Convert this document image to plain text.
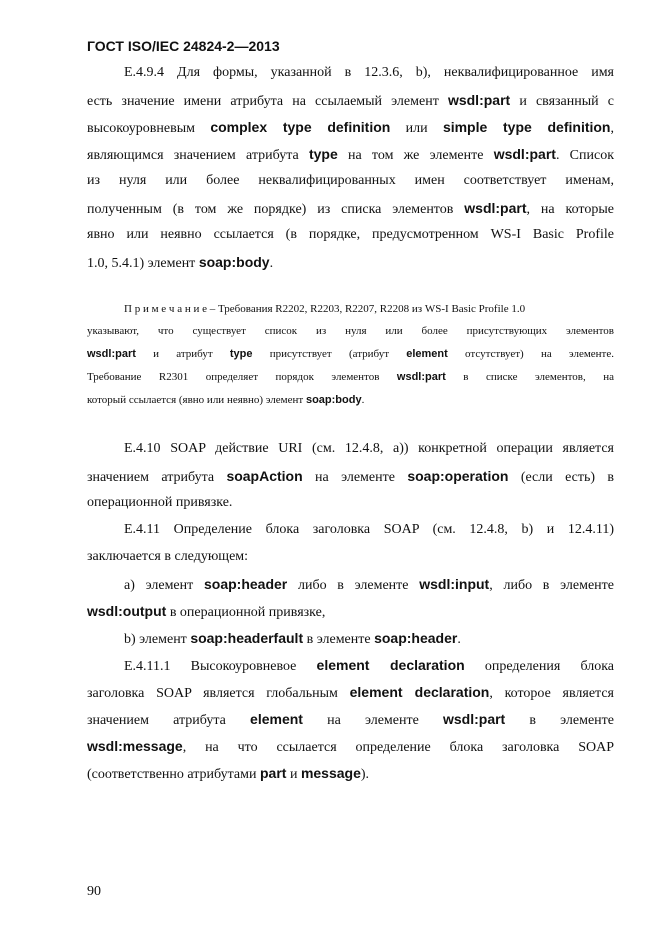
ГОСТ ISO/IEC 24824-2—2013
Е.4.9.4 Для формы, указанной в 12.3.6, b), неквалифицированное имя
есть значение имени атрибута на ссылаемый элемент wsdl:part и связанный с
высокоуровневым complex type definition или simple type definition,
являющимся значением атрибута type на том же элементе wsdl:part. Список
из нуля или более неквалифицированных имен соответствует именам,
полученным (в том же порядке) из списка элементов wsdl:part, на которые
явно или неявно ссылается (в порядке, предусмотренном WS-I Basic Profile
1.0, 5.4.1) элемент soap:body.
П р и м е ч а н и е – Требования R2202, R2203, R2207, R2208 из WS-I Basic Profile 1.0
указывают, что существует список из нуля или более присутствующих элементов
wsdl:part и атрибут type присутствует (атрибут element отсутствует) на элементе.
Требование R2301 определяет порядок элементов wsdl:part в списке элементов, на
который ссылается (явно или неявно) элемент soap:body.
Е.4.10 SOAP действие URI (см. 12.4.8, а)) конкретной операции является
значением атрибута soapAction на элементе soap:operation (если есть) в
операционной привязке.
Е.4.11 Определение блока заголовка SOAP (см. 12.4.8, b) и 12.4.11)
заключается в следующем:
а) элемент soap:header либо в элементе wsdl:input, либо в элементе
wsdl:output в операционной привязке,
b) элемент soap:headerfault в элементе soap:header.
Е.4.11.1 Высокоуровневое element declaration определения блока
заголовка SOAP является глобальным element declaration, которое является
значением атрибута element на элементе wsdl:part в элементе
wsdl:message, на что ссылается определение блока заголовка SOAP
(соответственно атрибутами part и message).
90
